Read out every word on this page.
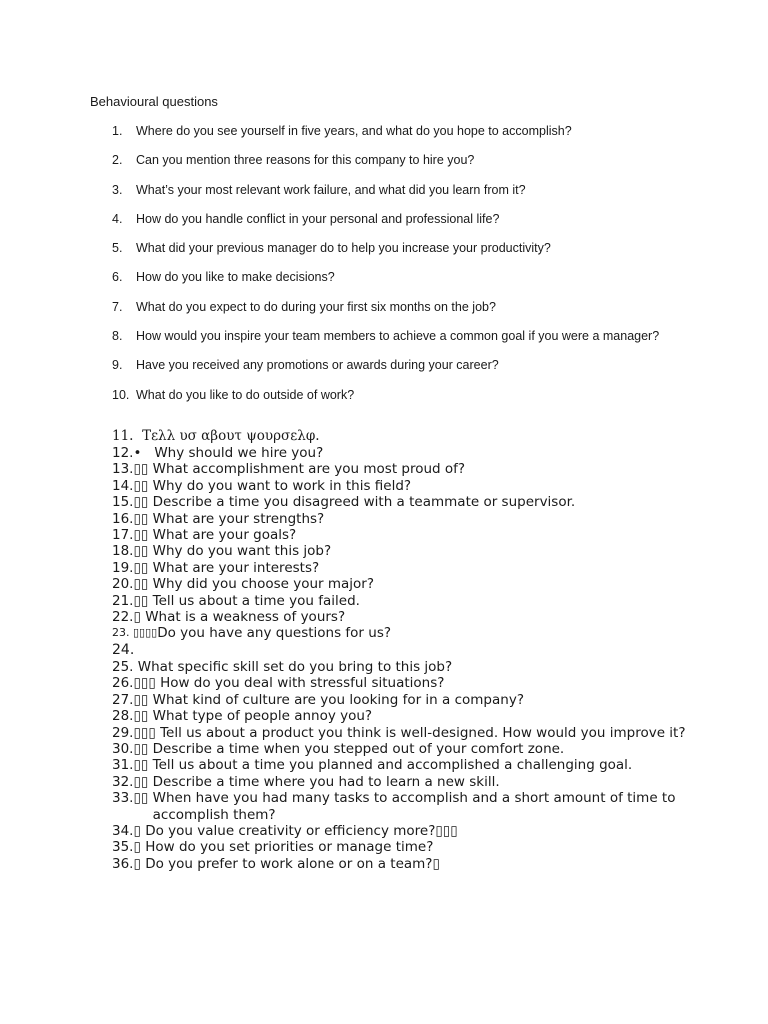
Behavioural questions
1.	Where do you see yourself in five years, and what do you hope to accomplish?
2.	Can you mention three reasons for this company to hire you?
3.	What’s your most relevant work failure, and what did you learn from it?
4.	How do you handle conflict in your personal and professional life?
5.	What did your previous manager do to help you increase your productivity?
6.	How do you like to make decisions?
7.	What do you expect to do during your first six months on the job?
8.	How would you inspire your team members to achieve a common goal if you were a manager?
9.	Have you received any promotions or awards during your career?
10. What do you like to do outside of work?
11. Τελλ υσ αβουτ ψουρσελφ.
12.• Why should we hire you?
13.▯▯ What accomplishment are you most proud of?
14.▯▯ Why do you want to work in this field?
15.▯▯ Describe a time you disagreed with a teammate or supervisor.
16.▯▯ What are your strengths?
17.▯▯ What are your goals?
18.▯▯ Why do you want this job?
19.▯▯ What are your interests?
20.▯▯ Why did you choose your major?
21.▯▯ Tell us about a time you failed.
22.▯ What is a weakness of yours?
23. ▯▯▯▯ Do you have any questions for us?
24.
25. What specific skill set do you bring to this job?
26.▯▯▯ How do you deal with stressful situations?
27.▯▯ What kind of culture are you looking for in a company?
28.▯▯ What type of people annoy you?
29.▯▯▯ Tell us about a product you think is well-designed. How would you improve it?
30.▯▯ Describe a time when you stepped out of your comfort zone.
31.▯▯ Tell us about a time you planned and accomplished a challenging goal.
32.▯▯ Describe a time where you had to learn a new skill.
33.▯▯ When have you had many tasks to accomplish and a short amount of time to accomplish them?
34.▯ Do you value creativity or efficiency more?▯▯▯
35.▯ How do you set priorities or manage time?
36.▯ Do you prefer to work alone or on a team?▯
